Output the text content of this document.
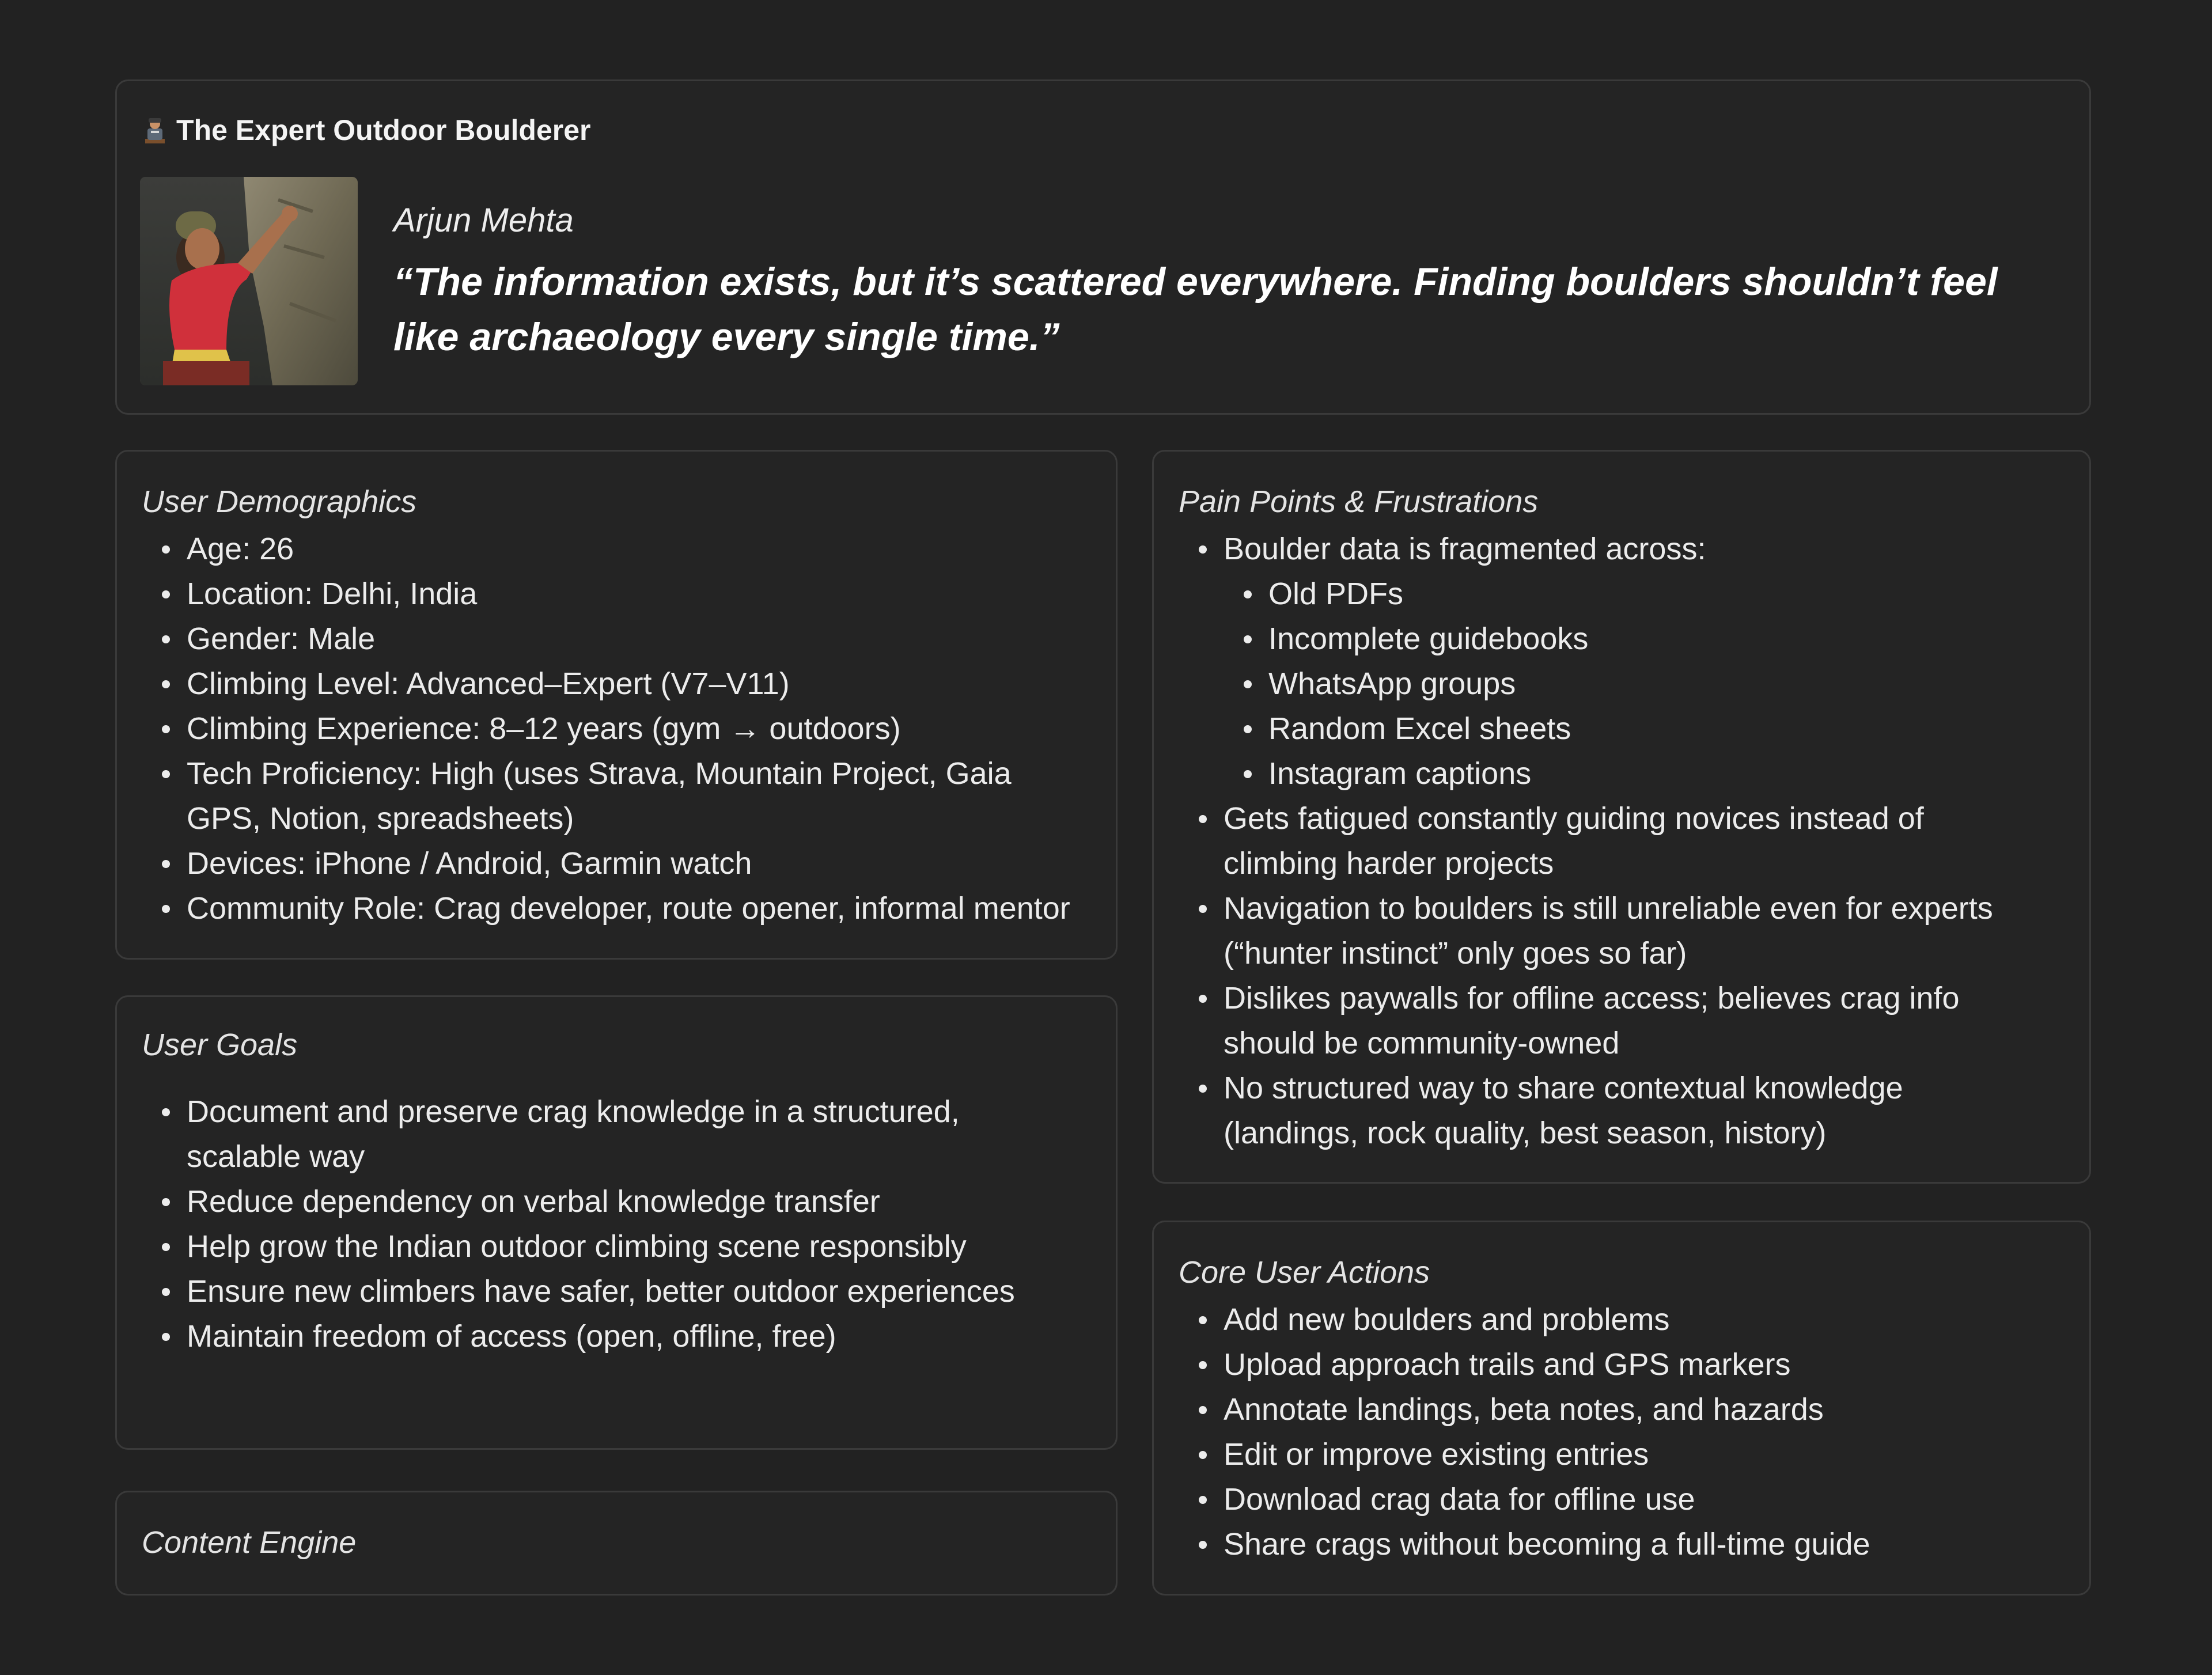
The Expert Outdoor Boulderer
Arjun Mehta
“The information exists, but it’s scattered everywhere. Finding boulders shouldn’t feel like archaeology every single time.”
User Demographics
Age: 26
Location: Delhi, India
Gender: Male
Climbing Level: Advanced–Expert (V7–V11)
Climbing Experience: 8–12 years (gym → outdoors)
Tech Proficiency: High (uses Strava, Mountain Project, Gaia GPS, Notion, spreadsheets)
Devices: iPhone / Android, Garmin watch
Community Role: Crag developer, route opener, informal mentor
User Goals
Document and preserve crag knowledge in a structured, scalable way
Reduce dependency on verbal knowledge transfer
Help grow the Indian outdoor climbing scene responsibly
Ensure new climbers have safer, better outdoor experiences
Maintain freedom of access (open, offline, free)
Content Engine
Pain Points & Frustrations
Boulder data is fragmented across:
Old PDFs
Incomplete guidebooks
WhatsApp groups
Random Excel sheets
Instagram captions
Gets fatigued constantly guiding novices instead of climbing harder projects
Navigation to boulders is still unreliable even for experts (“hunter instinct” only goes so far)
Dislikes paywalls for offline access; believes crag info should be community-owned
No structured way to share contextual knowledge (landings, rock quality, best season, history)
Core User Actions
Add new boulders and problems
Upload approach trails and GPS markers
Annotate landings, beta notes, and hazards
Edit or improve existing entries
Download crag data for offline use
Share crags without becoming a full-time guide
